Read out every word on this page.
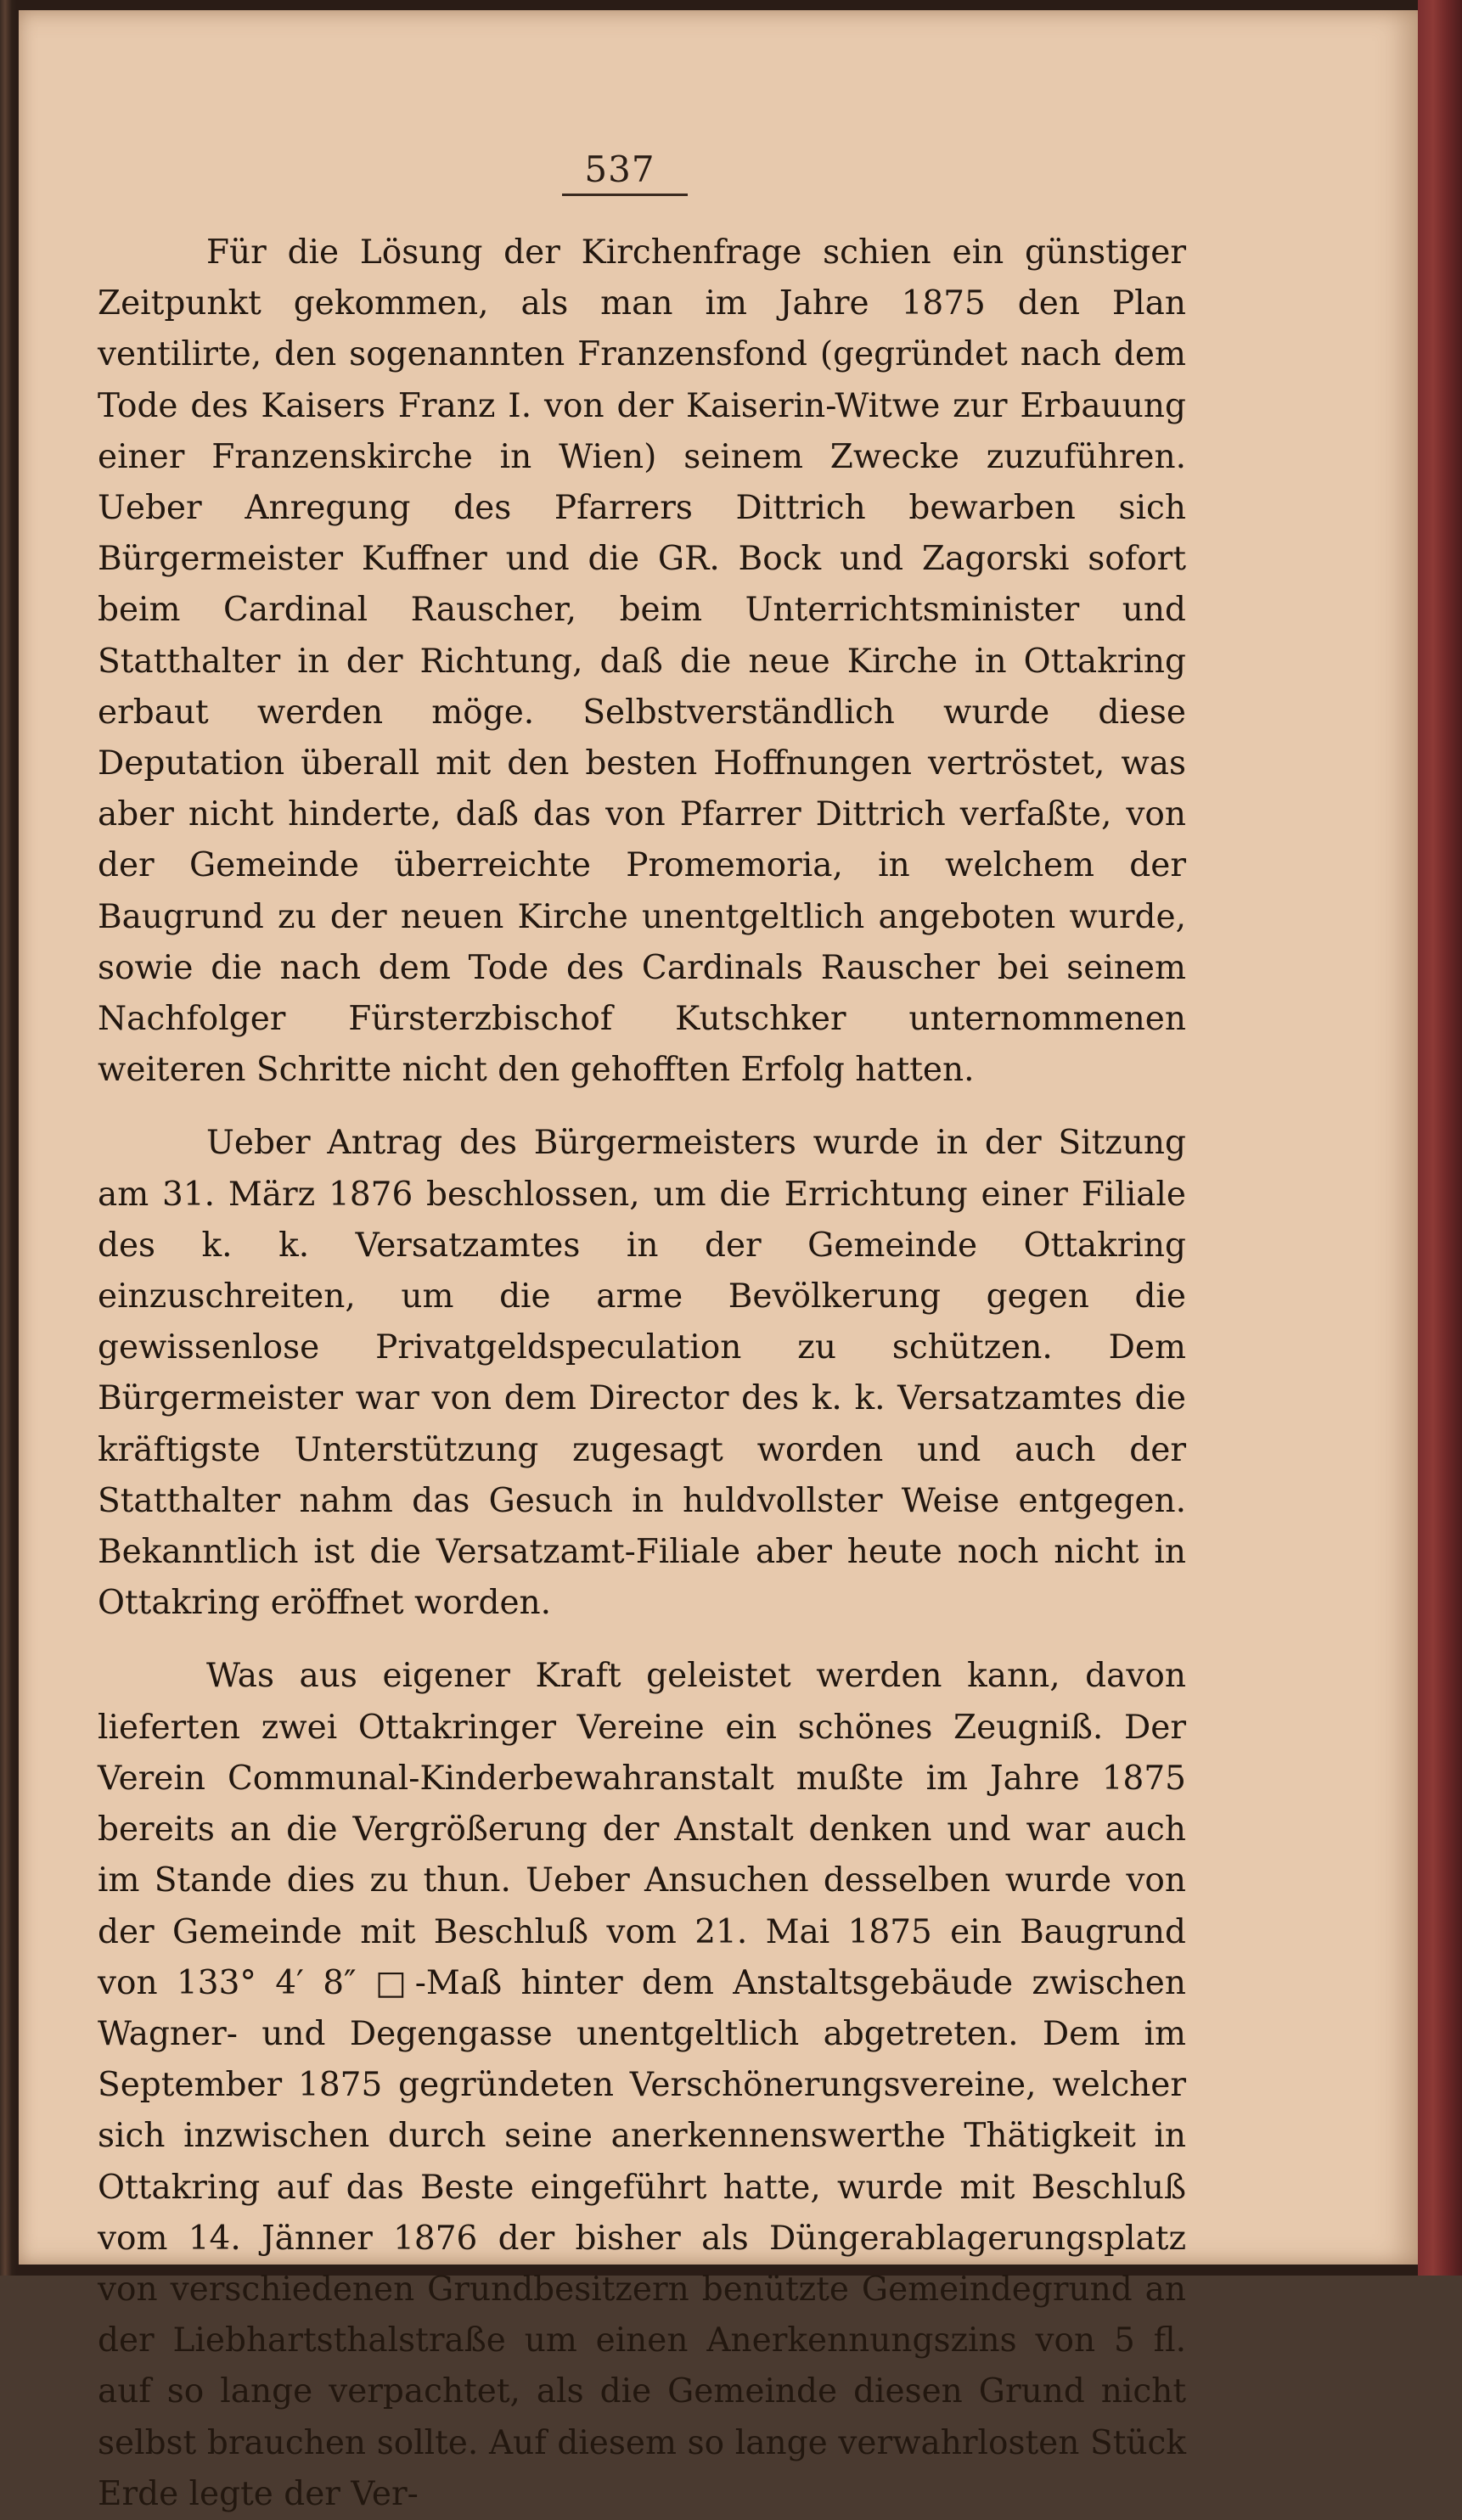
537

Für die Lösung der Kirchenfrage schien ein günstiger Zeitpunkt gekommen, als man im Jahre 1875 den Plan ventilirte, den sogenannten Franzensfond (gegründet nach dem Tode des Kaisers Franz I. von der Kaiserin-Witwe zur Erbauung einer Franzenskirche in Wien) seinem Zwecke zuzuführen. Ueber Anregung des Pfarrers Dittrich bewarben sich Bürgermeister Kuffner und die GR. Bock und Zagorski sofort beim Cardinal Rauscher, beim Unterrichtsminister und Statthalter in der Richtung, daß die neue Kirche in Ottakring erbaut werden möge. Selbstverständlich wurde diese Deputation überall mit den besten Hoffnungen vertröstet, was aber nicht hinderte, daß das von Pfarrer Dittrich verfaßte, von der Gemeinde überreichte Promemoria, in welchem der Baugrund zu der neuen Kirche unentgeltlich angeboten wurde, sowie die nach dem Tode des Cardinals Rauscher bei seinem Nachfolger Fürsterzbischof Kutschker unternommenen weiteren Schritte nicht den gehofften Erfolg hatten.

Ueber Antrag des Bürgermeisters wurde in der Sitzung am 31. März 1876 beschlossen, um die Errichtung einer Filiale des k. k. Versatzamtes in der Gemeinde Ottakring einzuschreiten, um die arme Bevölkerung gegen die gewissenlose Privatgeldspeculation zu schützen. Dem Bürgermeister war von dem Director des k. k. Versatzamtes die kräftigste Unterstützung zugesagt worden und auch der Statthalter nahm das Gesuch in huldvollster Weise entgegen. Bekanntlich ist die Versatzamt-Filiale aber heute noch nicht in Ottakring eröffnet worden.

Was aus eigener Kraft geleistet werden kann, davon lieferten zwei Ottakringer Vereine ein schönes Zeugniß. Der Verein Communal-Kinderbewahranstalt mußte im Jahre 1875 bereits an die Vergrößerung der Anstalt denken und war auch im Stande dies zu thun. Ueber Ansuchen desselben wurde von der Gemeinde mit Beschluß vom 21. Mai 1875 ein Baugrund von 133° 4′ 8″ □-Maß hinter dem Anstaltsgebäude zwischen Wagner- und Degengasse unentgeltlich abgetreten. Dem im September 1875 gegründeten Verschönerungsvereine, welcher sich inzwischen durch seine anerkennenswerthe Thätigkeit in Ottakring auf das Beste eingeführt hatte, wurde mit Beschluß vom 14. Jänner 1876 der bisher als Düngerablagerungsplatz von verschiedenen Grundbesitzern benützte Gemeindegrund an der Liebhartsthalstraße um einen Anerkennungszins von 5 fl. auf so lange verpachtet, als die Gemeinde diesen Grund nicht selbst brauchen sollte. Auf diesem so lange verwahrlosten Stück Erde legte der Ver-
